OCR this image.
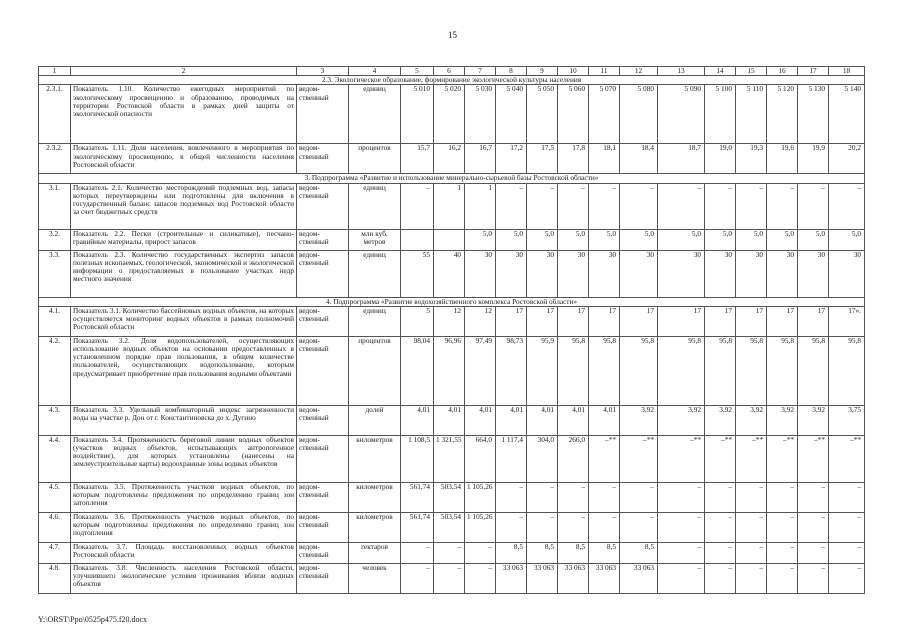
15
1	2	3	4	5	6	7	8	9	10	11	12	13	14	15	16	17	18
2.3. Экологическое образование, формирование экологической культуры населения																	
2.3.1.	Показатель 1.10. Количество ежегодных мероприятий по экологическому просвещению и образованию, проводимых на территории Ростовской области в рамках дней защиты от экологической опасности	ведом-ственный	единиц	5 010	5 020	5 030	5 040	5 050	5 060	5 070	5 080	5 090	5 100	5 110	5 120	5 130	5 140
2.3.2.	Показатель 1.11. Доля населения, вовлеченного в мероприятия по экологическому просвещению, в общей численности населения Ростовской области	ведом-ственный	процентов	15,7	16,2	16,7	17,2	17,5	17,8	18,1	18,4	18,7	19,0	19,3	19,6	19,9	20,2
3. Подпрограмма «Развитие и использование минерально-сырьевой базы Ростовской области»																	
3.1.	Показатель 2.1. Количество месторождений подземных вод, запасы которых переутверждены или подготовлены для включения в государственный баланс запасов подземных вод Ростовской области за счет бюджетных средств	ведом-ственный	единиц	–	1	1	–	–	–	–	–	–	–	–	–	–	–
3.2.	Показатель 2.2. Пески (строительные и силикатные), песчано-гравийные материалы, прирост запасов	ведом-ственный	млн куб. метров			5,0	5,0	5,0	5,0	5,0	5,0	5,0	5,0	5,0	5,0	5,0	5,0
3.3.	Показатель 2.3. Количество государственных экспертиз запасов полезных ископаемых, геологической, экономической и экологической информации о предоставляемых в пользование участках недр местного значения	ведом-ственный	единиц	55	40	30	30	30	30	30	30	30	30	30	30	30	30
4. Подпрограмма «Развитие водохозяйственного комплекса Ростовской области»																	
4.1.	Показатель 3.1. Количество бассейновых водных объектов, на которых осуществляется мониторинг водных объектов в рамках полномочий Ростовской области	ведом-ственный	единиц	5	12	12	17	17	17	17	17	17	17	17	17	17	17».
4.2.	Показатель 3.2. Доля водопользователей, осуществляющих использование водных объектов на основании предоставленных в установленном порядке прав пользования, в общем количестве пользователей, осуществляющих водопользование, которым предусматривает приобретение прав пользования водными объектами	ведом-ственный	процентов	98,04	96,96	97,49	98,73	95,9	95,8	95,8	95,8	95,8	95,8	95,8	95,8	95,8	95,8
4.3.	Показатель 3.3. Удельный комбинаторный индекс загрязненности воды на участке р. Дон от г. Константиновска до х. Дугино	ведом-ственный	долей	4,01	4,01	4,01	4,01	4,01	4,01	4,01	3,92	3,92	3,92	3,92	3,92	3,92	3,75
4.4.	Показатель 3.4. Протяженность береговой линии водных объектов (участков водных объектов, испытывающих антропогенное воздействие), для которых установлены (нанесены на землеустроительные карты) водоохранные зоны водных объектов	ведом-ственный	километров	1 108,5	1 321,55	664,0	1 117,4	304,0	266,0	–**	–**	–**	–**	–**	–**	–**	–**
4.5.	Показатель 3.5. Протяженность участков водных объектов, по которым подготовлены предложения по определению границ зон затопления	ведом-ственный	километров	561,74	503,54	1 105,26	–	–	–	–	–	–	–	–	–	–	–
4.6.	Показатель 3.6. Протяженность участков водных объектов, по которым подготовлены предложения по определению границ зон подтопления	ведом-ственный	километров	561,74	503,54	1 105,26	–	–	–	–	–	–	–	–	–	–	–
4.7.	Показатель 3.7. Площадь восстановленных водных объектов Ростовской области	ведом-ственный	гектаров	–	–	–	8,5	8,5	8,5	8,5	8,5	–	–	–	–	–	–
4.8.	Показатель 3.8. Численность населения Ростовской области, улучшившего экологические условия проживания вблизи водных объектов	ведом-ственный	человек	–	–	–	33 063	33 063	33 063	33 063	33 063	–	–	–	–	–	–
Y:\ORST\Ppo\0525p475.f20.docx
